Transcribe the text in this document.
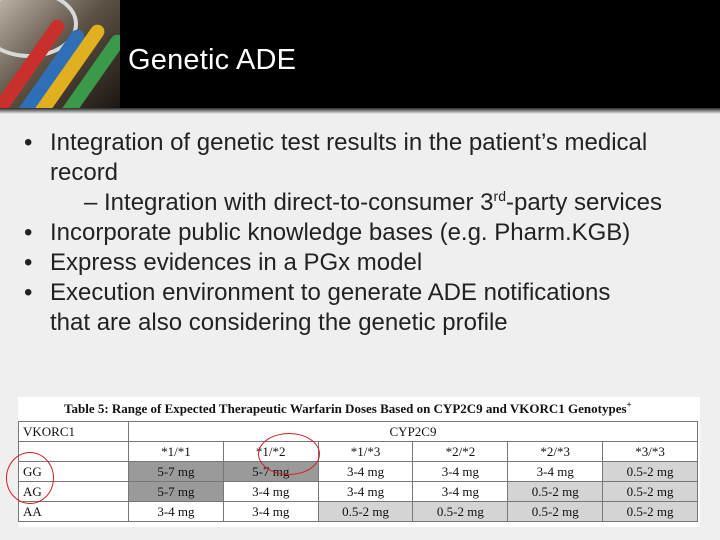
Genetic ADE
• Integration of genetic test results in the patient’s medical
record
– Integration with direct-to-consumer 3rd-party services
• Incorporate public knowledge bases (e.g. Pharm.KGB)
• Express evidences in a PGx model
• Execution environment to generate ADE notifications
that are also considering the genetic profile
Table 5: Range of Expected Therapeutic Warfarin Doses Based on CYP2C9 and VKORC1 Genotypes+
VKORC1	CYP2C9					
	*1/*1	*1/*2	*1/*3	*2/*2	*2/*3	*3/*3
GG	5-7 mg	5-7 mg	3-4 mg	3-4 mg	3-4 mg	0.5-2 mg
AG	5-7 mg	3-4 mg	3-4 mg	3-4 mg	0.5-2 mg	0.5-2 mg
AA	3-4 mg	3-4 mg	0.5-2 mg	0.5-2 mg	0.5-2 mg	0.5-2 mg
